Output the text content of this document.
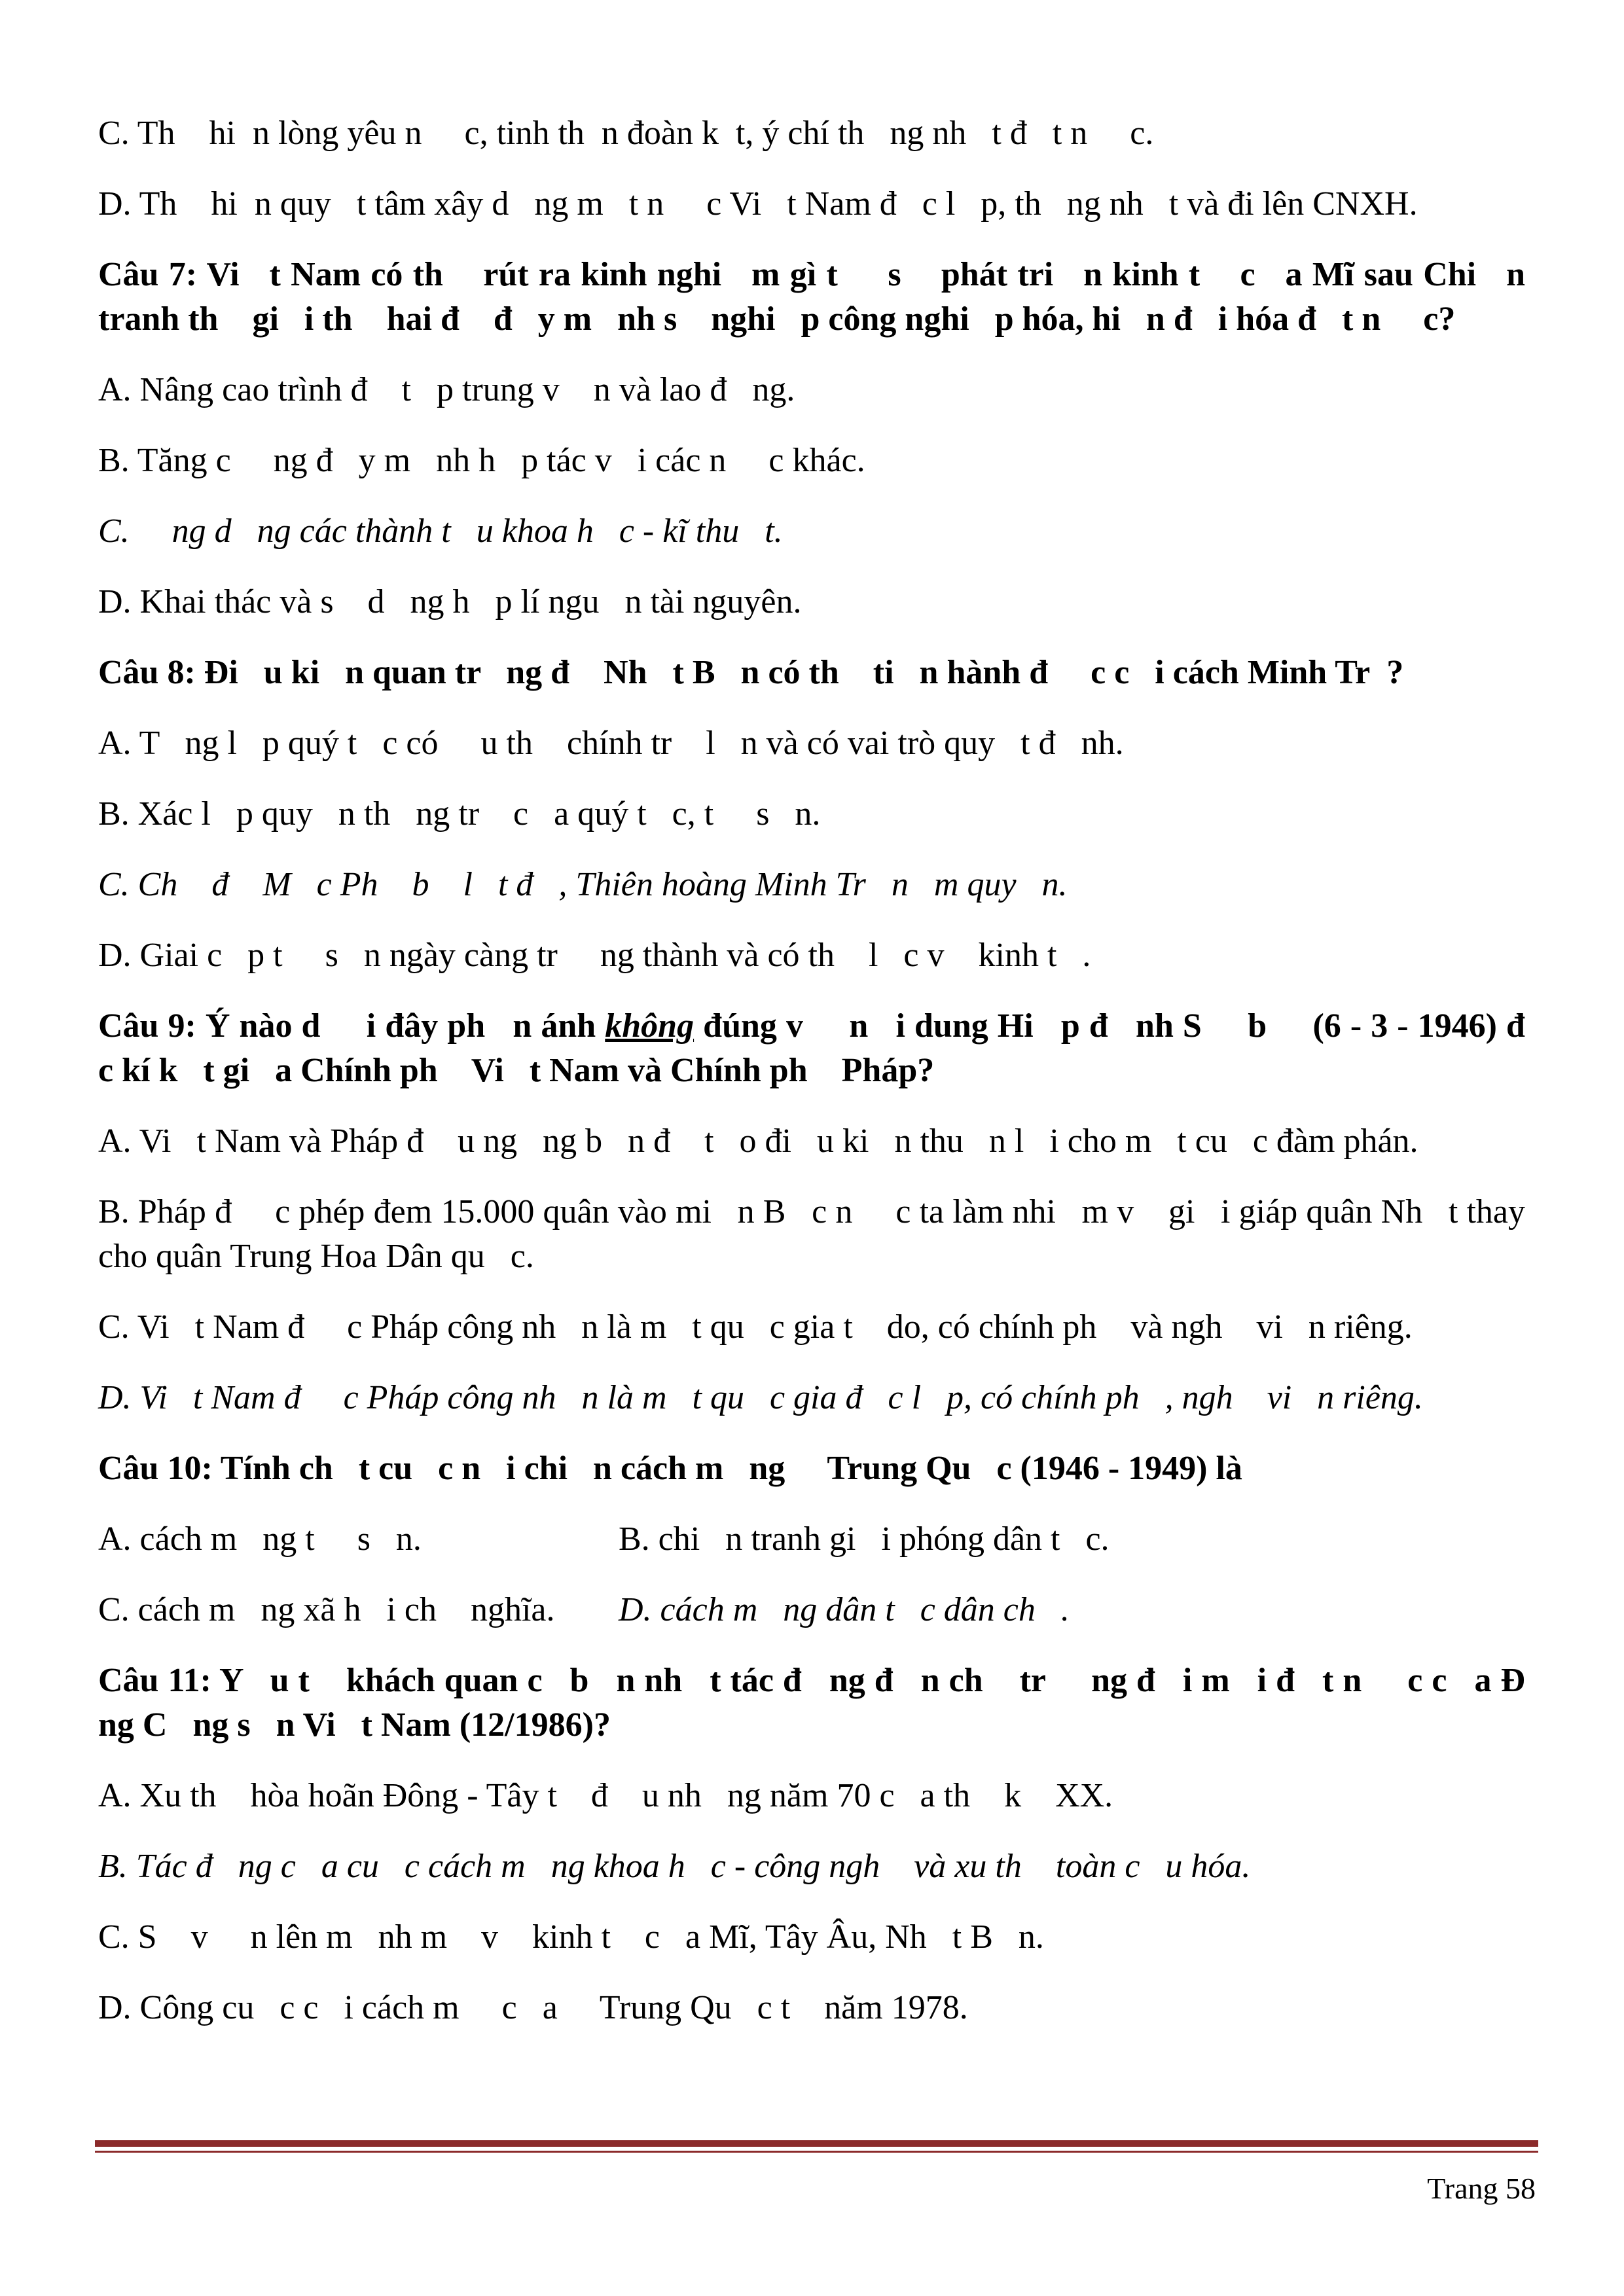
C. Th    hi  n lòng yêu n     c, tinh th  n đoàn k  t, ý chí th   ng nh   t đ   t n     c.

D. Th    hi  n quy   t tâm xây d   ng m   t n     c Vi   t Nam đ   c l   p, th   ng nh   t và đi lên CNXH.

Câu 7: Vi   t Nam có th    rút ra kinh nghi   m gì t     s    phát tri   n kinh t    c   a Mĩ sau Chi   n tranh th    gi   i th    hai đ    đ   y m   nh s    nghi   p công nghi   p hóa, hi   n đ   i hóa đ   t n     c?

A. Nâng cao trình đ    t   p trung v    n và lao đ   ng.

B. Tăng c     ng đ   y m   nh h   p tác v   i các n     c khác.

C.     ng d   ng các thành t   u khoa h   c - kĩ thu   t.

D. Khai thác và s    d   ng h   p lí ngu   n tài nguyên.

Câu 8: Đi   u ki   n quan tr   ng đ    Nh   t B   n có th    ti   n hành đ     c c   i cách Minh Tr  ?

A. T   ng l   p quý t   c có     u th    chính tr    l   n và có vai trò quy   t đ   nh.

B. Xác l   p quy   n th   ng tr    c   a quý t   c, t     s   n.

C. Ch    đ    M   c Ph    b    l   t đ   , Thiên hoàng Minh Tr   n   m quy   n.

D. Giai c   p t     s   n ngày càng tr     ng thành và có th    l   c v    kinh t   .

Câu 9: Ý nào d     i đây ph   n ánh không đúng v     n   i dung Hi   p đ   nh S     b     (6 - 3 - 1946) đ     c kí k   t gi   a Chính ph    Vi   t Nam và Chính ph    Pháp?

A. Vi   t Nam và Pháp đ    u ng   ng b   n đ    t   o đi   u ki   n thu   n l   i cho m   t cu   c đàm phán.

B. Pháp đ     c phép đem 15.000 quân vào mi   n B   c n     c ta làm nhi   m v    gi   i giáp quân Nh   t thay cho quân Trung Hoa Dân qu   c.

C. Vi   t Nam đ     c Pháp công nh   n là m   t qu   c gia t    do, có chính ph    và ngh    vi   n riêng.

D. Vi   t Nam đ     c Pháp công nh   n là m   t qu   c gia đ   c l   p, có chính ph   , ngh    vi   n riêng.

Câu 10: Tính ch   t cu   c n   i chi   n cách m   ng     Trung Qu   c (1946 - 1949) là

A. cách m   ng t     s   n.	B. chi   n tranh gi   i phóng dân t   c.
C. cách m   ng xã h   i ch    nghĩa.	D. cách m   ng dân t   c dân ch   .

Câu 11: Y   u t    khách quan c   b   n nh   t tác đ   ng đ   n ch    tr     ng đ   i m   i đ   t n     c c   a Đ   ng C   ng s   n Vi   t Nam (12/1986)?

A. Xu th    hòa hoãn Đông - Tây t    đ    u nh   ng năm 70 c   a th    k    XX.

B. Tác đ   ng c   a cu   c cách m   ng khoa h   c - công ngh    và xu th    toàn c   u hóa.

C. S    v     n lên m   nh m    v    kinh t    c   a Mĩ, Tây Âu, Nh   t B   n.

D. Công cu   c c   i cách m     c   a     Trung Qu   c t    năm 1978.

Trang 58
